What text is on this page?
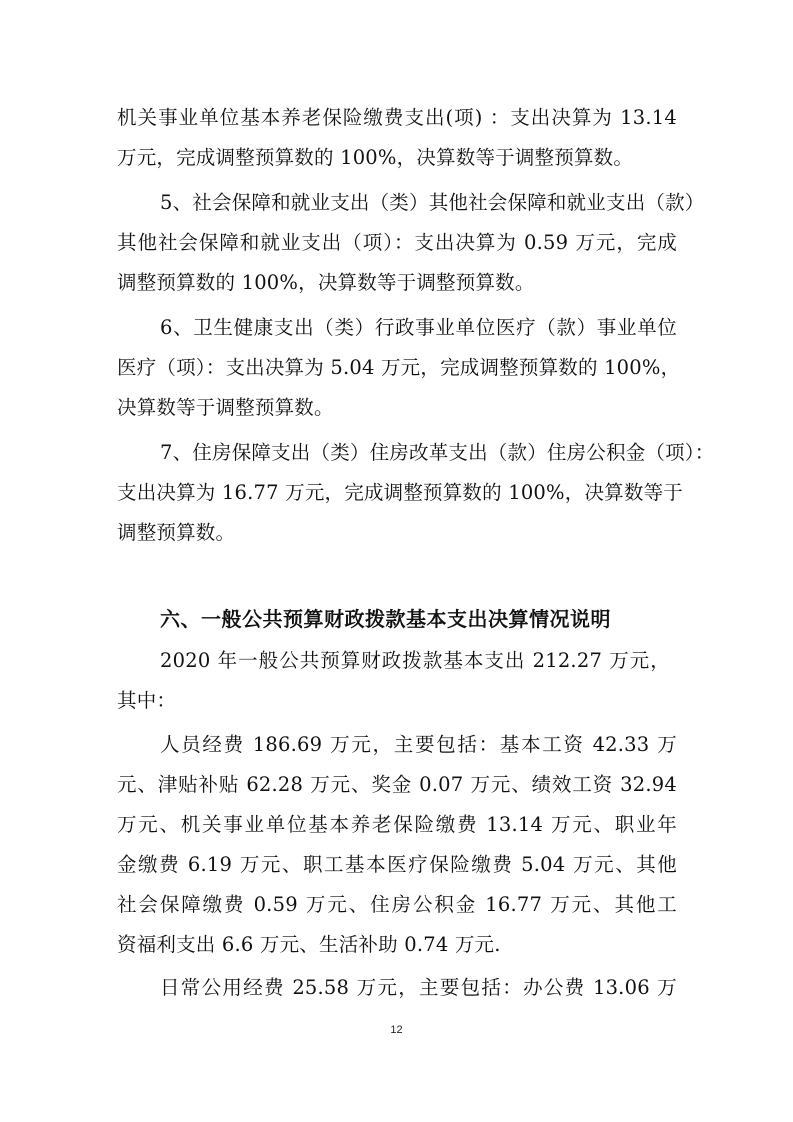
机关事业单位基本养老保险缴费支出(项) ：支出决算为 13.14
万元，完成调整预算数的 100%，决算数等于调整预算数。
5、社会保障和就业支出（类）其他社会保障和就业支出（款）
其他社会保障和就业支出（项）：支出决算为 0.59 万元，完成
调整预算数的 100%，决算数等于调整预算数。
6、卫生健康支出（类）行政事业单位医疗（款）事业单位
医疗（项）：支出决算为 5.04 万元，完成调整预算数的 100%，
决算数等于调整预算数。
7、住房保障支出（类）住房改革支出（款）住房公积金（项）：
支出决算为 16.77 万元，完成调整预算数的 100%，决算数等于
调整预算数。
六、一般公共预算财政拨款基本支出决算情况说明
2020 年一般公共预算财政拨款基本支出 212.27 万元，
其中：
人员经费 186.69 万元，主要包括：基本工资 42.33 万
元、津贴补贴 62.28 万元、奖金 0.07 万元、绩效工资 32.94
万元、机关事业单位基本养老保险缴费 13.14 万元、职业年
金缴费 6.19 万元、职工基本医疗保险缴费 5.04 万元、其他
社会保障缴费 0.59 万元、住房公积金 16.77 万元、其他工
资福利支出 6.6 万元、生活补助 0.74 万元.
日常公用经费 25.58 万元，主要包括：办公费 13.06 万
12
